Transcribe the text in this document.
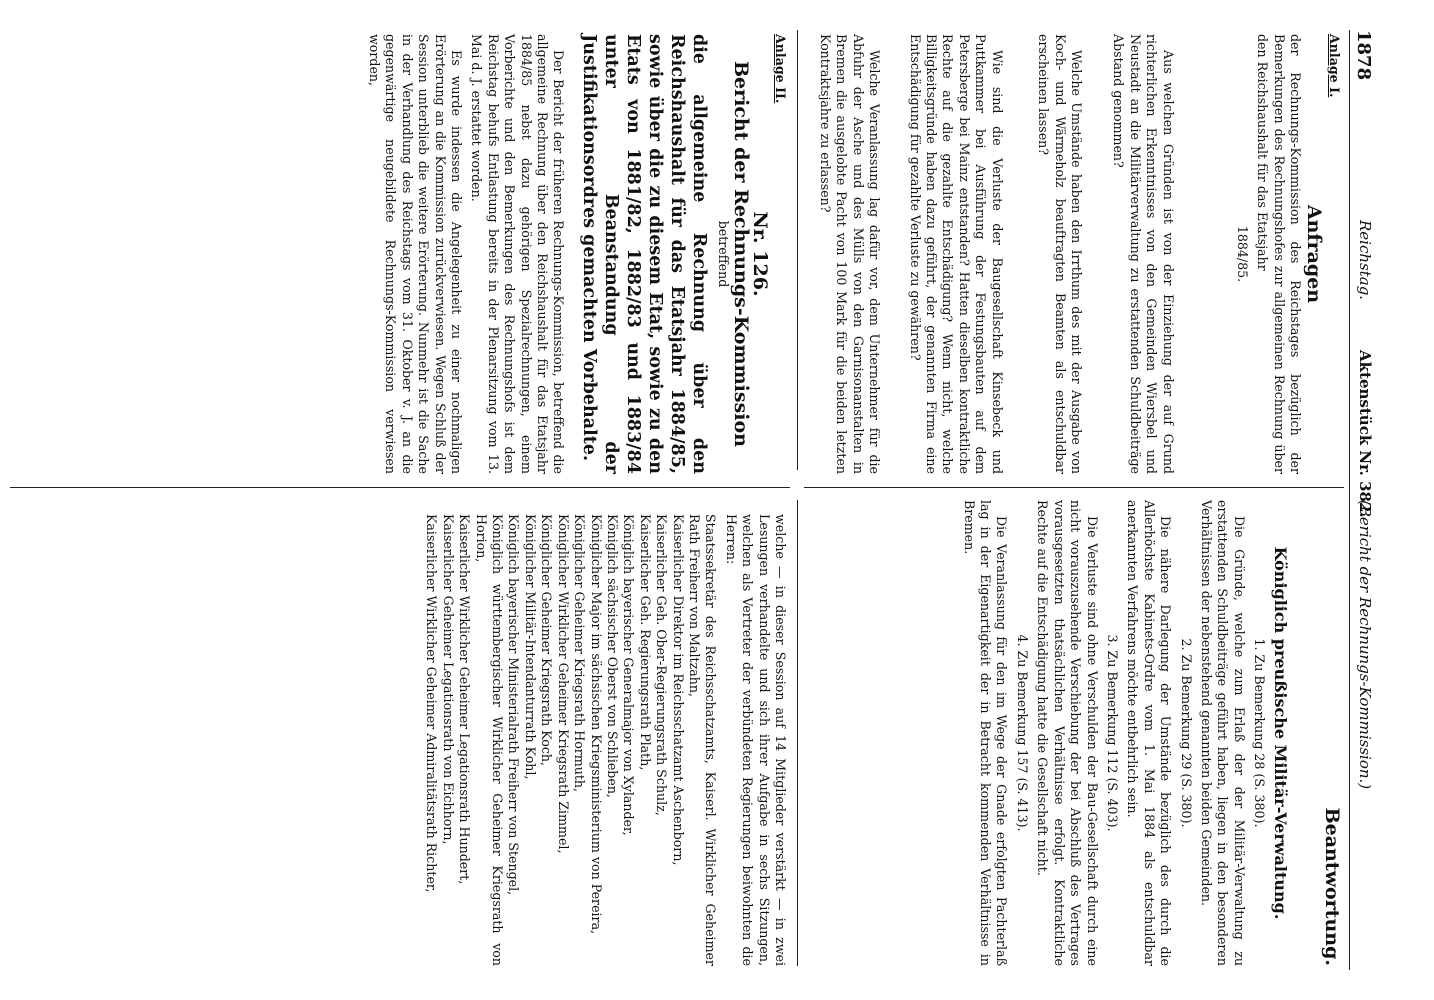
1878
Reichstag.
Aktenstück Nr. 382.
(Bericht der Rechnungs-Kommission.)

Anlage I.

Anfragen

der Rechnungs-Kommission des Reichstages bezüglich der Bemerkungen des Rechnungshofes zur allgemeinen Rechnung über den Reichshaushalt für das Etatsjahr

1884/85.

Aus welchen Gründen ist von der Einziehung der auf Grund richterlichen Erkenntnisses von den Gemeinden Wiersbel und Neustadt an die Militärverwaltung zu erstattenden Schuldbeiträge Abstand genommen?

Welche Umstände haben den Irrthum des mit der Ausgabe von Koch- und Wärmeholz beauftragten Beamten als entschuldbar erscheinen lassen?

Wie sind die Verluste der Baugesellschaft Kinsebeck und Puttkammer bei Ausführung der Festungsbauten auf dem Petersberge bei Mainz entstanden? Hatten dieselben kontraktliche Rechte auf die gezahlte Entschädigung? Wenn nicht, welche Billigkeitsgründe haben dazu geführt, der genannten Firma eine Entschädigung für gezahlte Verluste zu gewähren?

Welche Veranlassung lag dafür vor, dem Unternehmer für die Abfuhr der Asche und des Mülls von den Garnisonanstalten in Bremen die ausgelobte Pacht von 100 Mark für die beiden letzten Kontraktsjahre zu erlassen?

Beantwortung.
Königlich preußische Militär-Verwaltung.

1. Zu Bemerkung 28 (S. 380).

Die Gründe, welche zum Erlaß der der Militär-Verwaltung zu erstattenden Schuldbeiträge geführt haben, liegen in den besonderen Verhältnissen der nebenstehend genannten beiden Gemeinden.

2. Zu Bemerkung 29 (S. 380).

Die nähere Darlegung der Umstände bezüglich des durch die Allerhöchste Kabinets-Ordre vom 1. Mai 1884 als entschuldbar anerkannten Verfahrens möchte entbehrlich sein.

3. Zu Bemerkung 112 (S. 403).

Die Verluste sind ohne Verschulden der Bau-Gesellschaft durch eine nicht vorauszusehende Verschiebung der bei Abschluß des Vertrages vorausgesetzten thatsächlichen Verhältnisse erfolgt. Kontraktliche Rechte auf die Entschädigung hatte die Gesellschaft nicht.

4. Zu Bemerkung 157 (S. 413).

Die Veranlassung für den im Wege der Gnade erfolgten Pachterlaß lag in der Eigenartigkeit der in Betracht kommenden Verhältnisse in Bremen.

Anlage II.

Nr. 126.
Bericht der Rechnungs-Kommission

betreffend

die allgemeine Rechnung über den Reichshaushalt für das Etatsjahr 1884/85, sowie über die zu diesem Etat, sowie zu den Etats von 1881/82, 1882/83 und 1883/84 unter Beanstandung der Justifikationsordres gemachten Vorbehalte.

Der Bericht der früheren Rechnungs-Kommission, betreffend die allgemeine Rechnung über den Reichshaushalt für das Etatsjahr 1884/85 nebst dazu gehörigen Spezialrechnungen, einem Vorberichte und den Bemerkungen des Rechnungshofs ist dem Reichstag behufs Entlastung bereits in der Plenarsitzung vom 13. Mai d. J. erstattet worden.

Es wurde indessen die Angelegenheit zu einer nochmaligen Erörterung an die Kommission zurückverwiesen. Wegen Schluß der Session unterblieb die weitere Erörterung. Nunmehr ist die Sache in der Verhandlung des Reichstags vom 31. Oktober v. J. an die gegenwärtige neugebildete Rechnungs-Kommission verwiesen worden,

welche — in dieser Session auf 14 Mitglieder verstärkt — in zwei Lesungen verhandelte und sich ihrer Aufgabe in sechs Sitzungen, welchen als Vertreter der verbündeten Regierungen beiwohnten die Herren:

Staatssekretär des Reichsschatzamts, Kaiserl. Wirklicher Geheimer Rath Freiherr von Maltzahn,
Kaiserlicher Direktor im Reichsschatzamt Aschenborn,
Kaiserlicher Geh. Ober-Regierungsrath Schulz,
Kaiserlicher Geh. Regierungsrath Plath,
Königlich bayerischer Generalmajor von Xylander,
Königlich sächsischer Oberst von Schlieben,
Königlicher Major im sächsischen Kriegsministerium von Pereira,
Königlicher Geheimer Kriegsrath Hormuth,
Königlicher Wirklicher Geheimer Kriegsrath Zimmel,
Königlicher Geheimer Kriegsrath Koch,
Königlicher Militär-Intendanturrath Kohl,
Königlich bayerischer Ministerialrath Freiherr von Stengel,
Königlich württembergischer Wirklicher Geheimer Kriegsrath von Horion,
Kaiserlicher Wirklicher Geheimer Legationsrath Hundert,
Kaiserlicher Geheimer Legationsrath von Eichhorn,
Kaiserlicher Wirklicher Geheimer Admiralitätsrath Richter,
